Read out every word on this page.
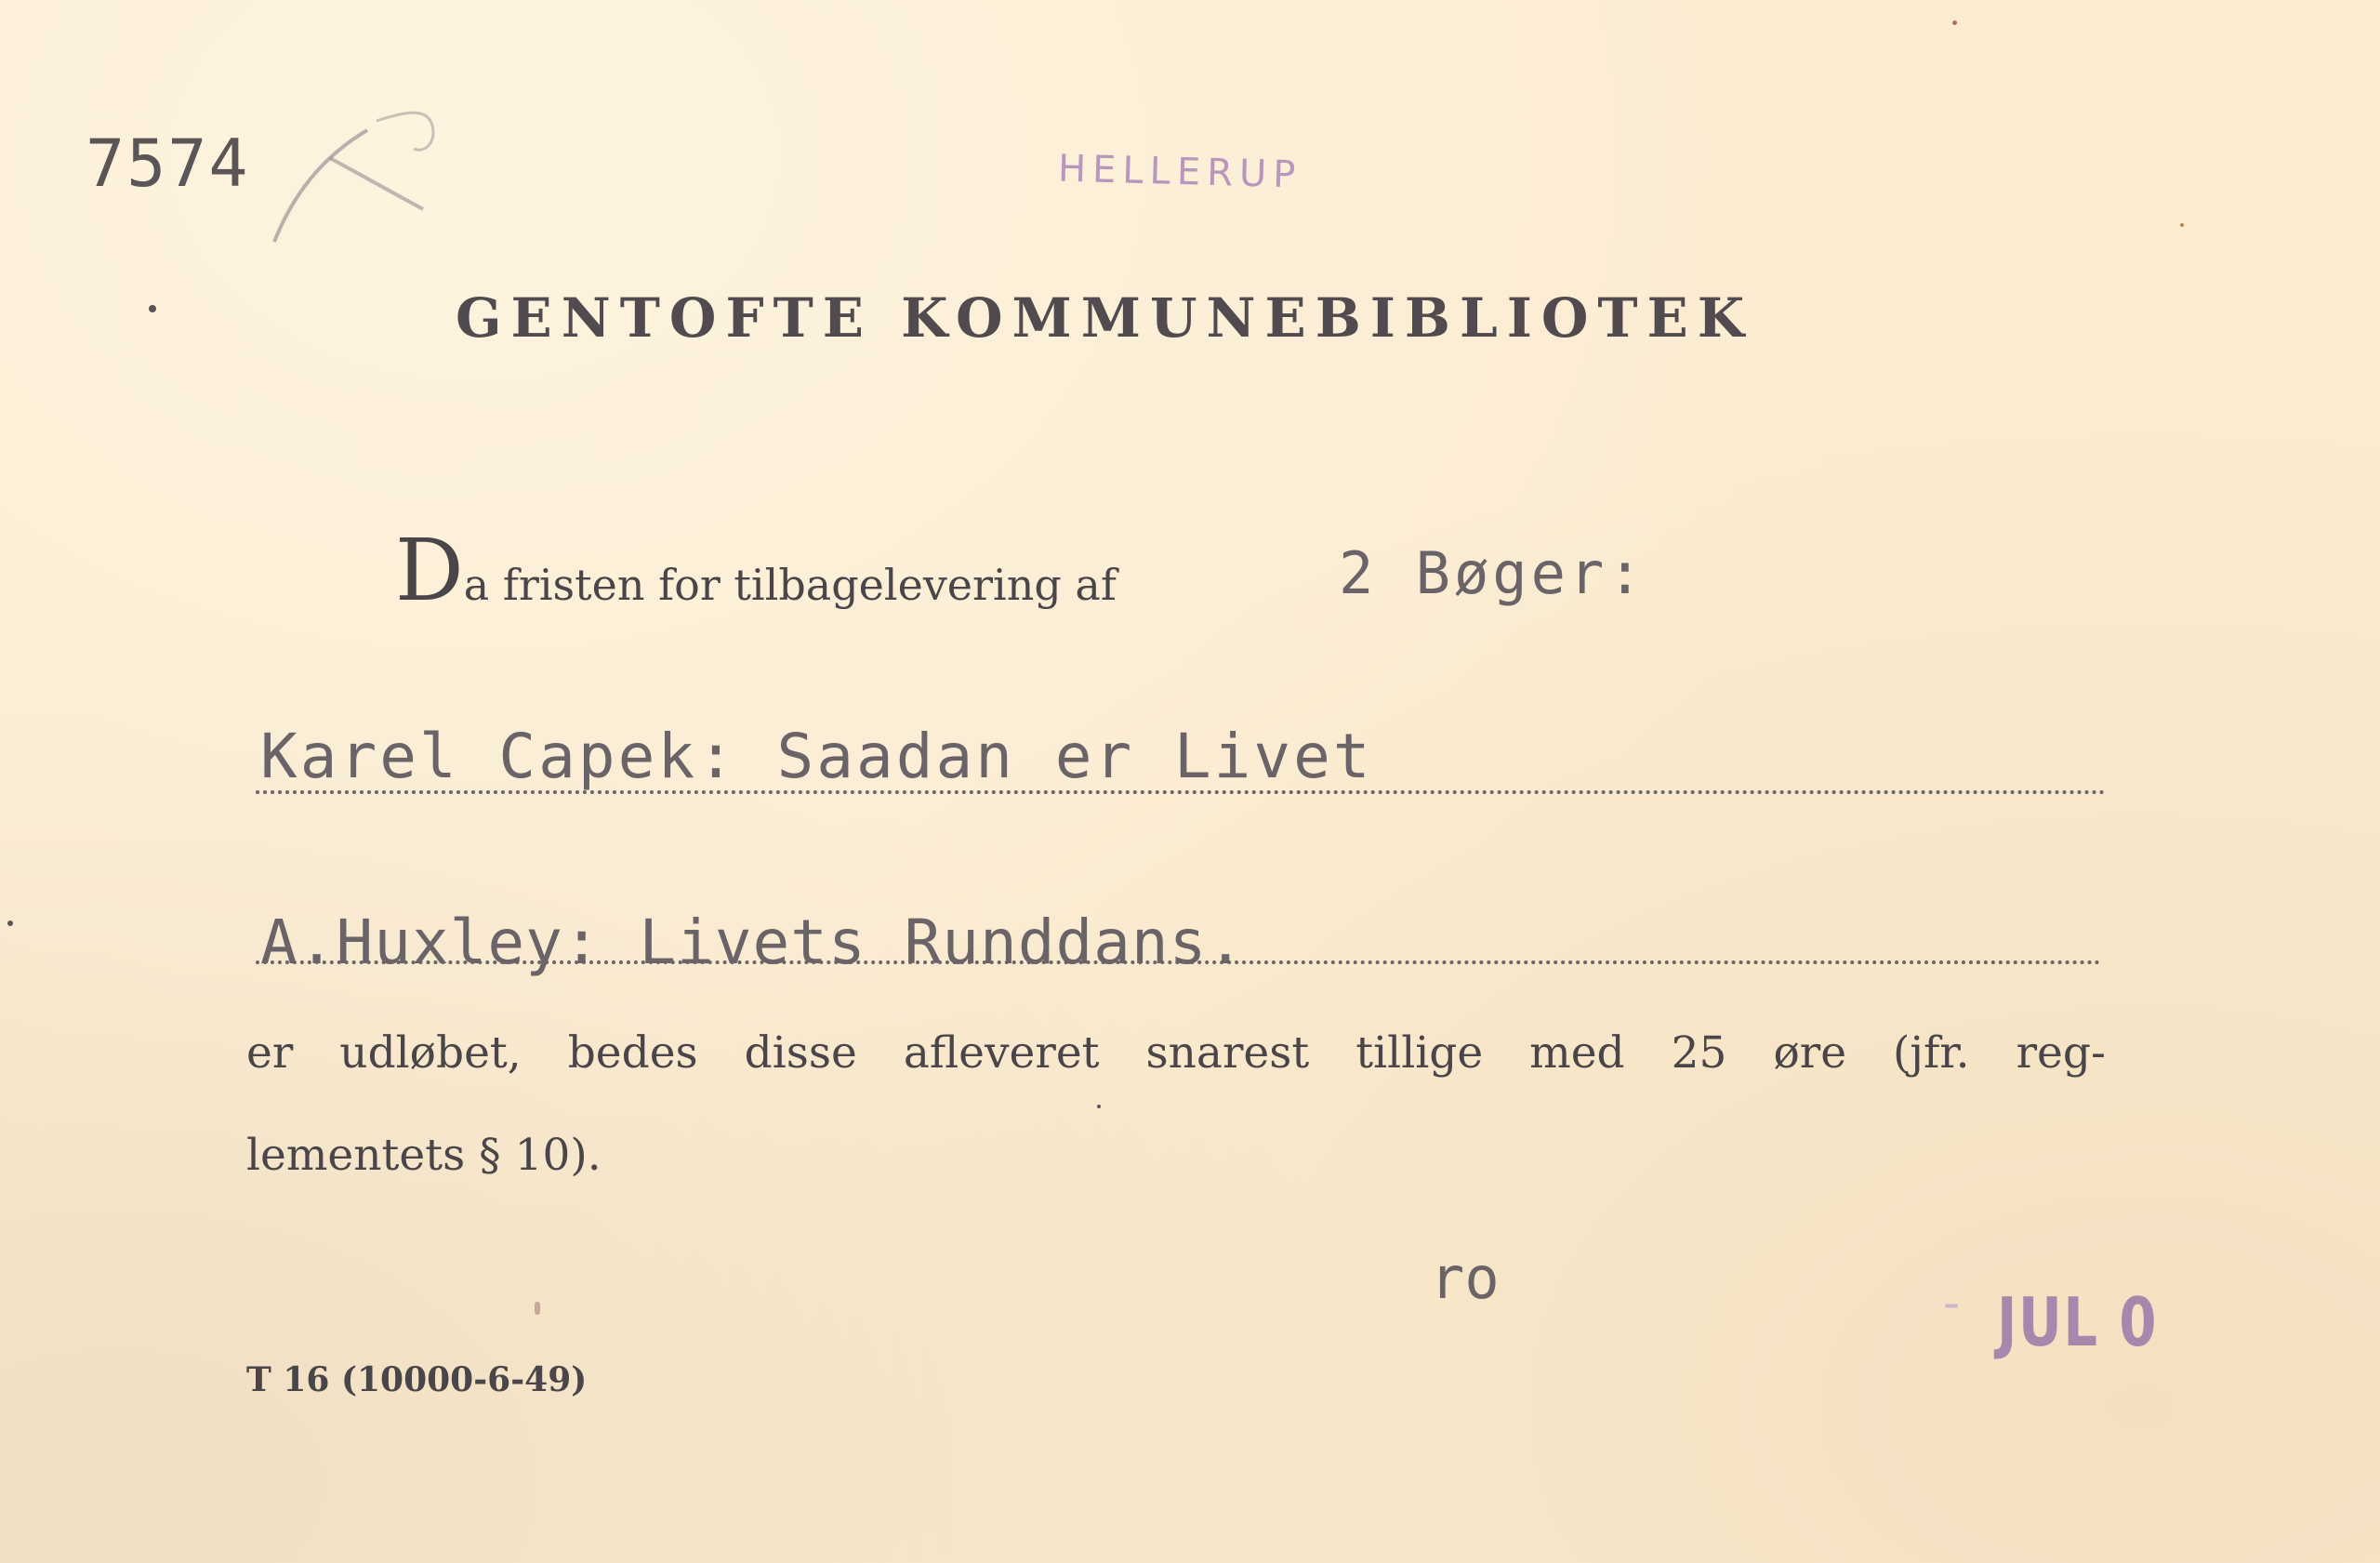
7574	HELLERUP
GENTOFTE KOMMUNEBIBLIOTEK
Da fristen for tilbagelevering af	2 Bøger:
Karel Capek: Saadan er Livet
A.Huxley: Livets Runddans.
er udløbet, bedes disse afleveret snarest tillige med 25 øre (jfr. reg-
lementets § 10).
ro	- JUL 0
T 16 (10000-6-49)
